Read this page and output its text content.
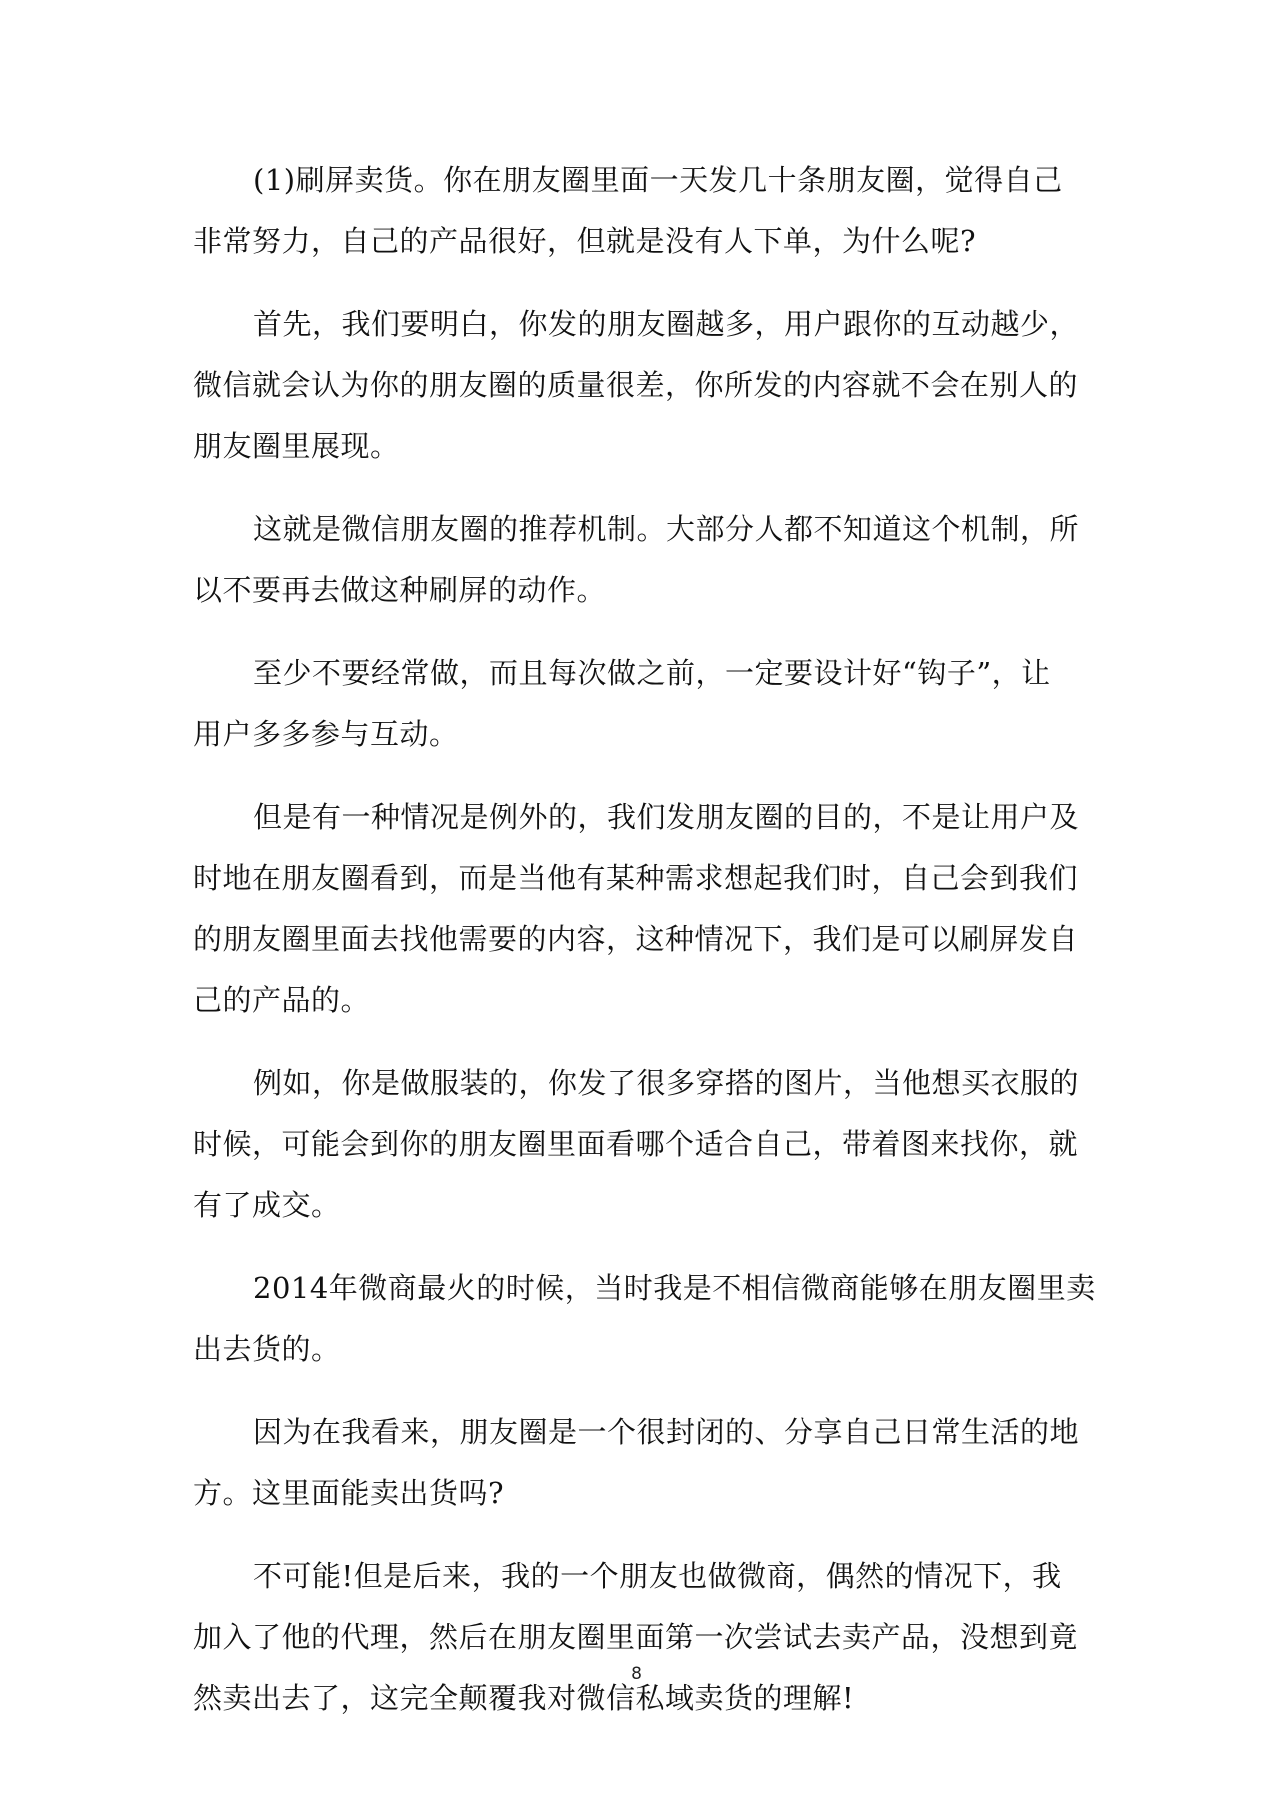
(1)刷屏卖货。你在朋友圈里面一天发几十条朋友圈，觉得自己
非常努力，自己的产品很好，但就是没有人下单，为什么呢?

首先，我们要明白，你发的朋友圈越多，用户跟你的互动越少，
微信就会认为你的朋友圈的质量很差，你所发的内容就不会在别人的
朋友圈里展现。

这就是微信朋友圈的推荐机制。大部分人都不知道这个机制，所
以不要再去做这种刷屏的动作。

至少不要经常做，而且每次做之前，一定要设计好“钩子”，让
用户多多参与互动。

但是有一种情况是例外的，我们发朋友圈的目的，不是让用户及
时地在朋友圈看到，而是当他有某种需求想起我们时，自己会到我们
的朋友圈里面去找他需要的内容，这种情况下，我们是可以刷屏发自
己的产品的。

例如，你是做服装的，你发了很多穿搭的图片，当他想买衣服的
时候，可能会到你的朋友圈里面看哪个适合自己，带着图来找你，就
有了成交。

2014年微商最火的时候，当时我是不相信微商能够在朋友圈里卖
出去货的。

因为在我看来，朋友圈是一个很封闭的、分享自己日常生活的地
方。这里面能卖出货吗?

不可能!但是后来，我的一个朋友也做微商，偶然的情况下，我
加入了他的代理，然后在朋友圈里面第一次尝试去卖产品，没想到竟
然卖出去了，这完全颠覆我对微信私域卖货的理解!

8
